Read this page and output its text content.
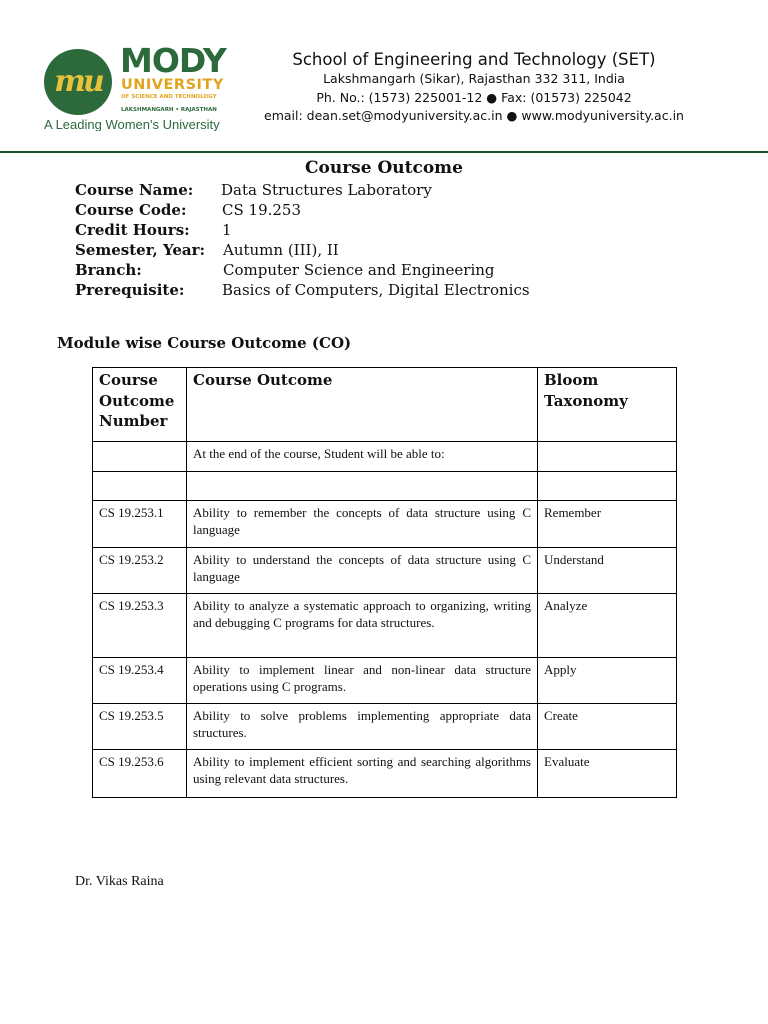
mu
MODY
UNIVERSITY
OF SCIENCE AND TECHNOLOGY
LAKSHMANGARH • RAJASTHAN
A Leading Women's University
School of Engineering and Technology (SET)
Lakshmangarh (Sikar), Rajasthan 332 311, India
Ph. No.: (1573) 225001-12 ● Fax: (01573) 225042
email: dean.set@modyuniversity.ac.in ● www.modyuniversity.ac.in
Course Outcome
Course Name: Data Structures Laboratory
Course Code: CS 19.253
Credit Hours: 1
Semester, Year: Autumn (III), II
Branch:	Computer Science and Engineering
Prerequisite:	Basics of Computers, Digital Electronics
Module wise Course Outcome (CO)
Course Outcome Number	Course Outcome	Bloom Taxonomy
	At the end of the course, Student will be able to:	

CS 19.253.1	Ability to remember the concepts of data structure using C language	Remember
CS 19.253.2	Ability to understand the concepts of data structure using C language	Understand
CS 19.253.3	Ability to analyze a systematic approach to organizing, writing and debugging C programs for data structures.	Analyze
CS 19.253.4	Ability to implement linear and non-linear data structure operations using C programs.	Apply
CS 19.253.5	Ability to solve problems implementing appropriate data structures.	Create
CS 19.253.6	Ability to implement efficient sorting and searching algorithms using relevant data structures.	Evaluate
Dr. Vikas Raina
